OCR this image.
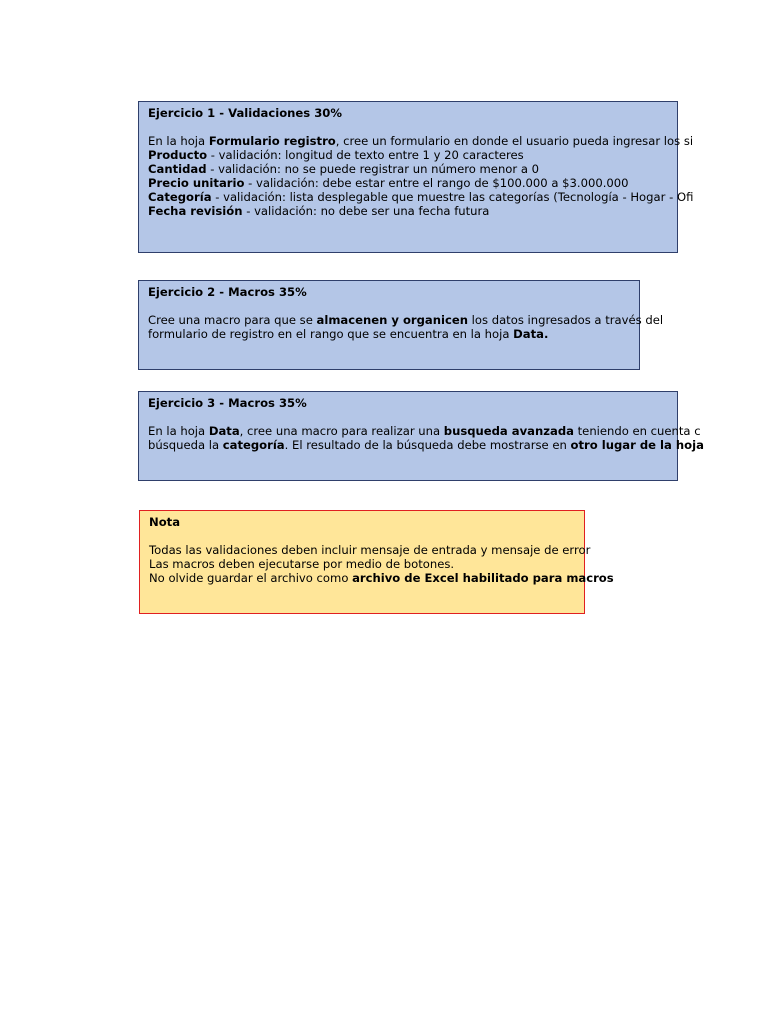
Ejercicio 1 - Validaciones 30%
En la hoja Formulario registro, cree un formulario en donde el usuario pueda ingresar los si
Producto - validación: longitud de texto entre 1 y 20 caracteres
Cantidad - validación: no se puede registrar un número menor a 0
Precio unitario - validación: debe estar entre el rango de $100.000 a $3.000.000
Categoría - validación: lista desplegable que muestre las categorías (Tecnología - Hogar - Ofi
Fecha revisión - validación: no debe ser una fecha futura
Ejercicio 2 - Macros 35%
Cree una macro para que se almacenen y organicen los datos ingresados a través del
formulario de registro en el rango que se encuentra en la hoja Data.
Ejercicio 3 - Macros 35%
En la hoja Data, cree una macro para realizar una busqueda avanzada teniendo en cuenta c
búsqueda la categoría. El resultado de la búsqueda debe mostrarse en otro lugar de la hoja
Nota
Todas las validaciones deben incluir mensaje de entrada y mensaje de error
Las macros deben ejecutarse por medio de botones.
No olvide guardar el archivo como archivo de Excel habilitado para macros
